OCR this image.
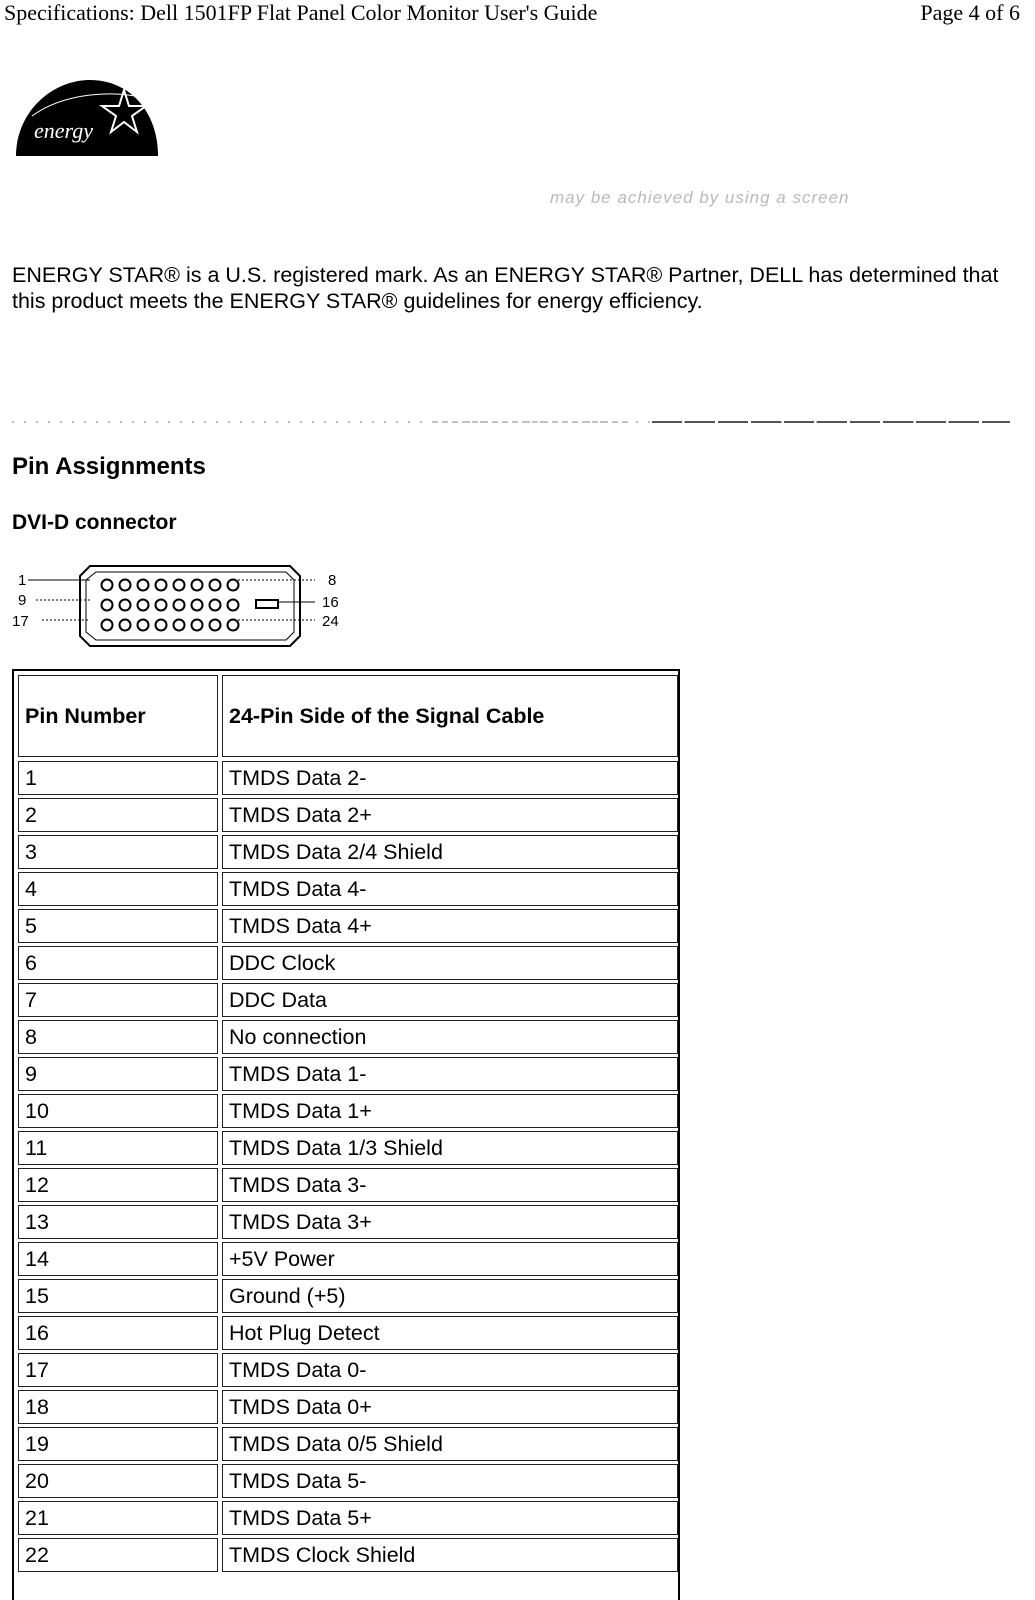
Specifications: Dell 1501FP Flat Panel Color Monitor User's Guide	Page 4 of 6
energy
may be achieved by using a screen

ENERGY STAR® is a U.S. registered mark. As an ENERGY STAR® Partner, DELL has determined that this product meets the ENERGY STAR® guidelines for energy efficiency.

Pin Assignments
DVI-D connector
1
9
17
8
16
24
Pin Number	24-Pin Side of the Signal Cable
1	TMDS Data 2-
2	TMDS Data 2+
3	TMDS Data 2/4 Shield
4	TMDS Data 4-
5	TMDS Data 4+
6	DDC Clock
7	DDC Data
8	No connection
9	TMDS Data 1-
10	TMDS Data 1+
11	TMDS Data 1/3 Shield
12	TMDS Data 3-
13	TMDS Data 3+
14	+5V Power
15	Ground (+5)
16	Hot Plug Detect
17	TMDS Data 0-
18	TMDS Data 0+
19	TMDS Data 0/5 Shield
20	TMDS Data 5-
21	TMDS Data 5+
22	TMDS Clock Shield
